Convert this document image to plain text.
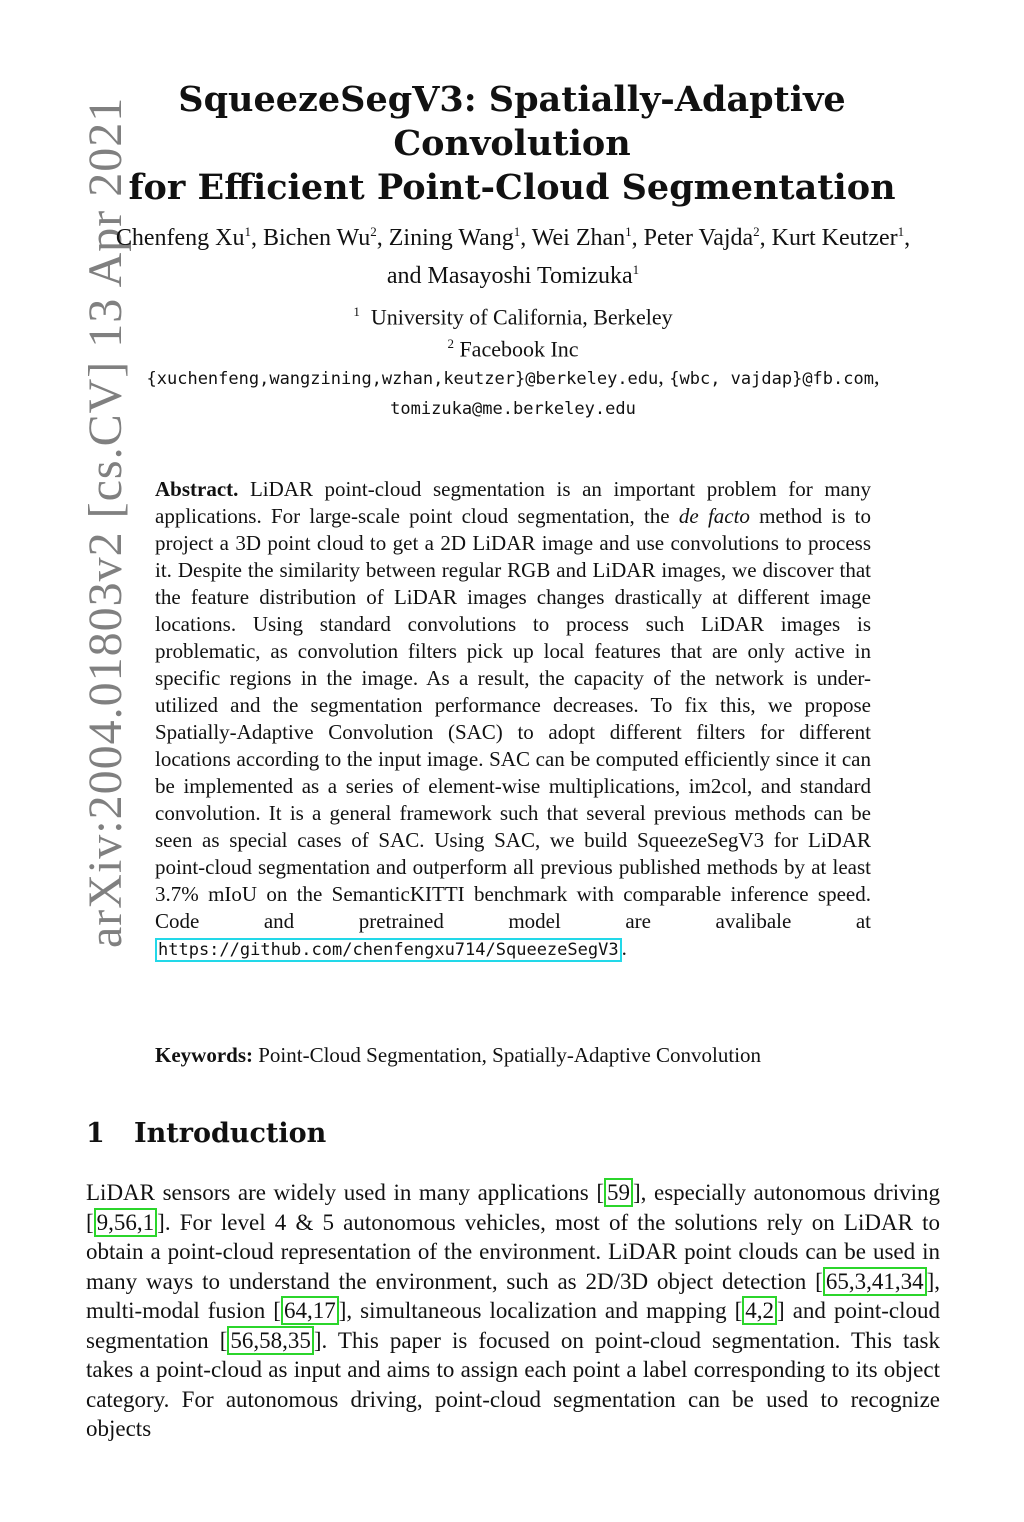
arXiv:2004.01803v2 [cs.CV] 13 Apr 2021	SqueezeSegV3: Spatially-Adaptive Convolution
for Efficient Point-Cloud Segmentation
Chenfeng Xu$^1$, Bichen Wu$^2$, Zining Wang$^1$, Wei Zhan$^1$, Peter Vajda$^2$, Kurt Keutzer$^1$, and Masayoshi Tomizuka$^1$
$^1$ University of California, Berkeley
$^2$ Facebook Inc
{xuchenfeng,wangzining,wzhan,keutzer}@berkeley.edu, {wbc, vajdap}@fb.com,
tomizuka@me.berkeley.edu
Abstract. LiDAR point-cloud segmentation is an important problem for many applications. For large-scale point cloud segmentation, the de facto method is to project a 3D point cloud to get a 2D LiDAR image and use convolutions to process it. Despite the similarity between regular RGB and LiDAR images, we discover that the feature distribution of LiDAR images changes drastically at different image locations. Using standard convolutions to process such LiDAR images is problematic, as convolution filters pick up local features that are only active in specific regions in the image. As a result, the capacity of the network is under-utilized and the segmentation performance decreases. To fix this, we propose Spatially-Adaptive Convolution (SAC) to adopt different filters for different locations according to the input image. SAC can be computed efficiently since it can be implemented as a series of element-wise multiplications, im2col, and standard convolution. It is a general framework such that several previous methods can be seen as special cases of SAC. Using SAC, we build SqueezeSegV3 for LiDAR point-cloud segmentation and outperform all previous published methods by at least 3.7% mIoU on the SemanticKITTI benchmark with comparable inference speed. Code and pretrained model are avalibale at https://github.com/chenfengxu714/SqueezeSegV3 .
Keywords: Point-Cloud Segmentation, Spatially-Adaptive Convolution
1 Introduction
LiDAR sensors are widely used in many applications [ 59 ], especially autonomous driving [ 9,56,1 ]. For level 4 & 5 autonomous vehicles, most of the solutions rely on LiDAR to obtain a point-cloud representation of the environment. LiDAR point clouds can be used in many ways to understand the environment, such as 2D/3D object detection [ 65,3,41,34 ], multi-modal fusion [ 64,17 ], simultaneous localization and mapping [ 4,2 ] and point-cloud segmentation [ 56,58,35 ]. This paper is focused on point-cloud segmentation. This task takes a point-cloud as input and aims to assign each point a label corresponding to its object category. For autonomous driving, point-cloud segmentation can be used to recognize objects
